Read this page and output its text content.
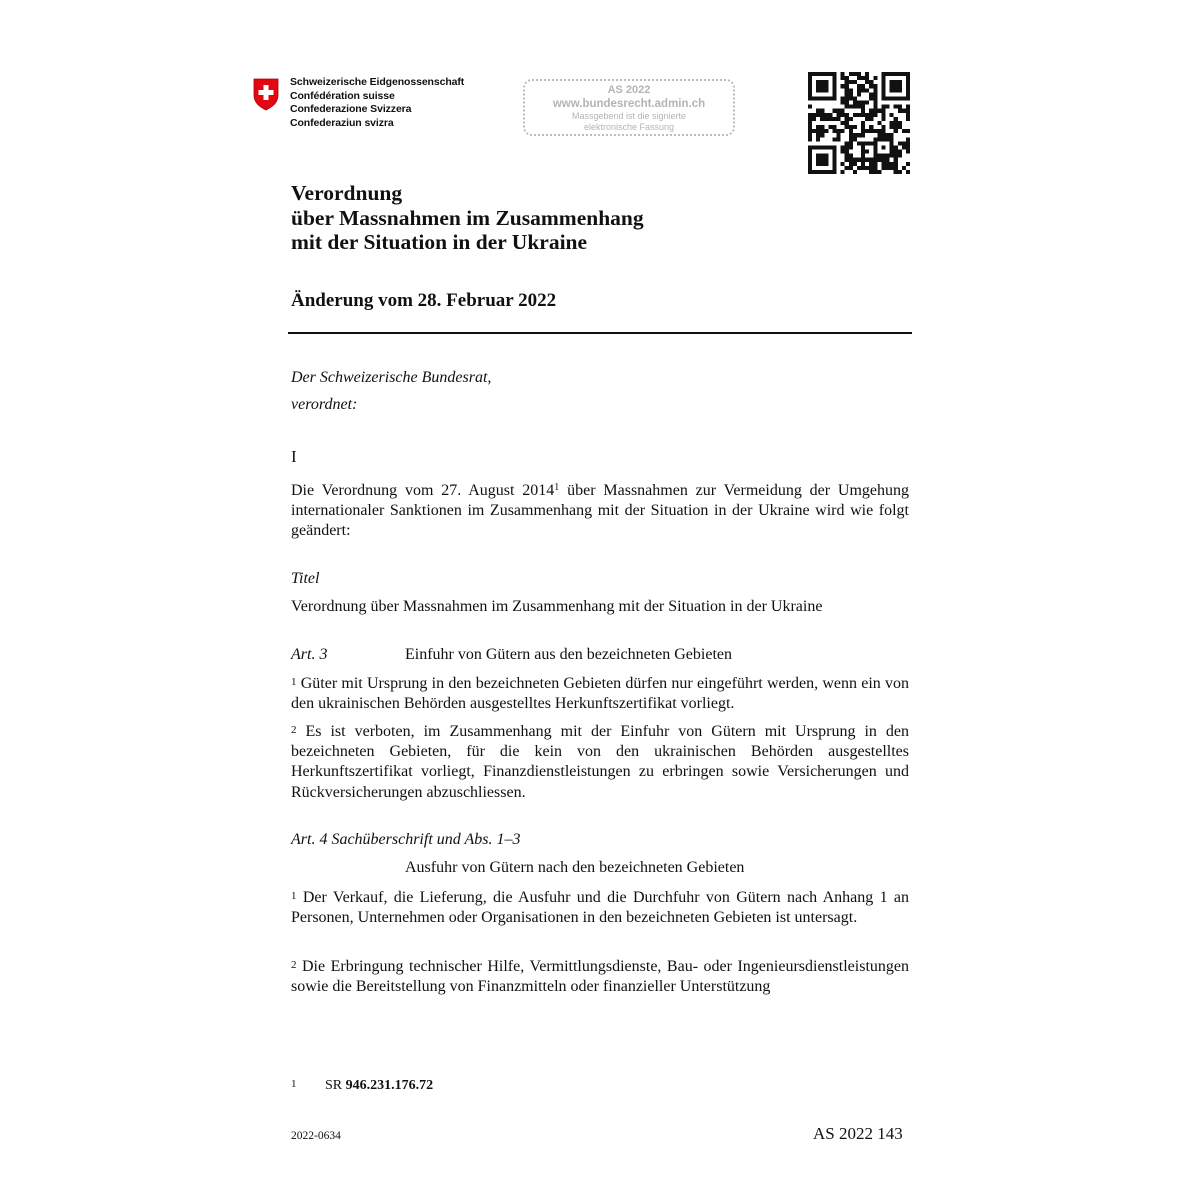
Schweizerische Eidgenossenschaft
Confédération suisse
Confederazione Svizzera
Confederaziun svizra
AS 2022
www.bundesrecht.admin.ch
Massgebend ist die signierte
elektronische Fassung
Verordnung
über Massnahmen im Zusammenhang
mit der Situation in der Ukraine
Änderung vom 28. Februar 2022
Der Schweizerische Bundesrat,
verordnet:
I
Die Verordnung vom 27. August 2014$^1$ über Massnahmen zur Vermeidung der Umgehung internationaler Sanktionen im Zusammenhang mit der Situation in der Ukraine wird wie folgt geändert:
Titel
Verordnung über Massnahmen im Zusammenhang mit der Situation in der Ukraine
Art. 3	Einfuhr von Gütern aus den bezeichneten Gebieten
1 Güter mit Ursprung in den bezeichneten Gebieten dürfen nur eingeführt werden, wenn ein von den ukrainischen Behörden ausgestelltes Herkunftszertifikat vorliegt.
2 Es ist verboten, im Zusammenhang mit der Einfuhr von Gütern mit Ursprung in den bezeichneten Gebieten, für die kein von den ukrainischen Behörden ausgestelltes Herkunftszertifikat vorliegt, Finanzdienstleistungen zu erbringen sowie Versicherungen und Rückversicherungen abzuschliessen.
Art. 4 Sachüberschrift und Abs. 1–3
Ausfuhr von Gütern nach den bezeichneten Gebieten
1 Der Verkauf, die Lieferung, die Ausfuhr und die Durchfuhr von Gütern nach Anhang 1 an Personen, Unternehmen oder Organisationen in den bezeichneten Gebieten ist untersagt.
2 Die Erbringung technischer Hilfe, Vermittlungsdienste, Bau- oder Ingenieursdienstleistungen sowie die Bereitstellung von Finanzmitteln oder finanzieller Unterstützung
1 SR 946.231.176.72
2022-0634	AS 2022 143
